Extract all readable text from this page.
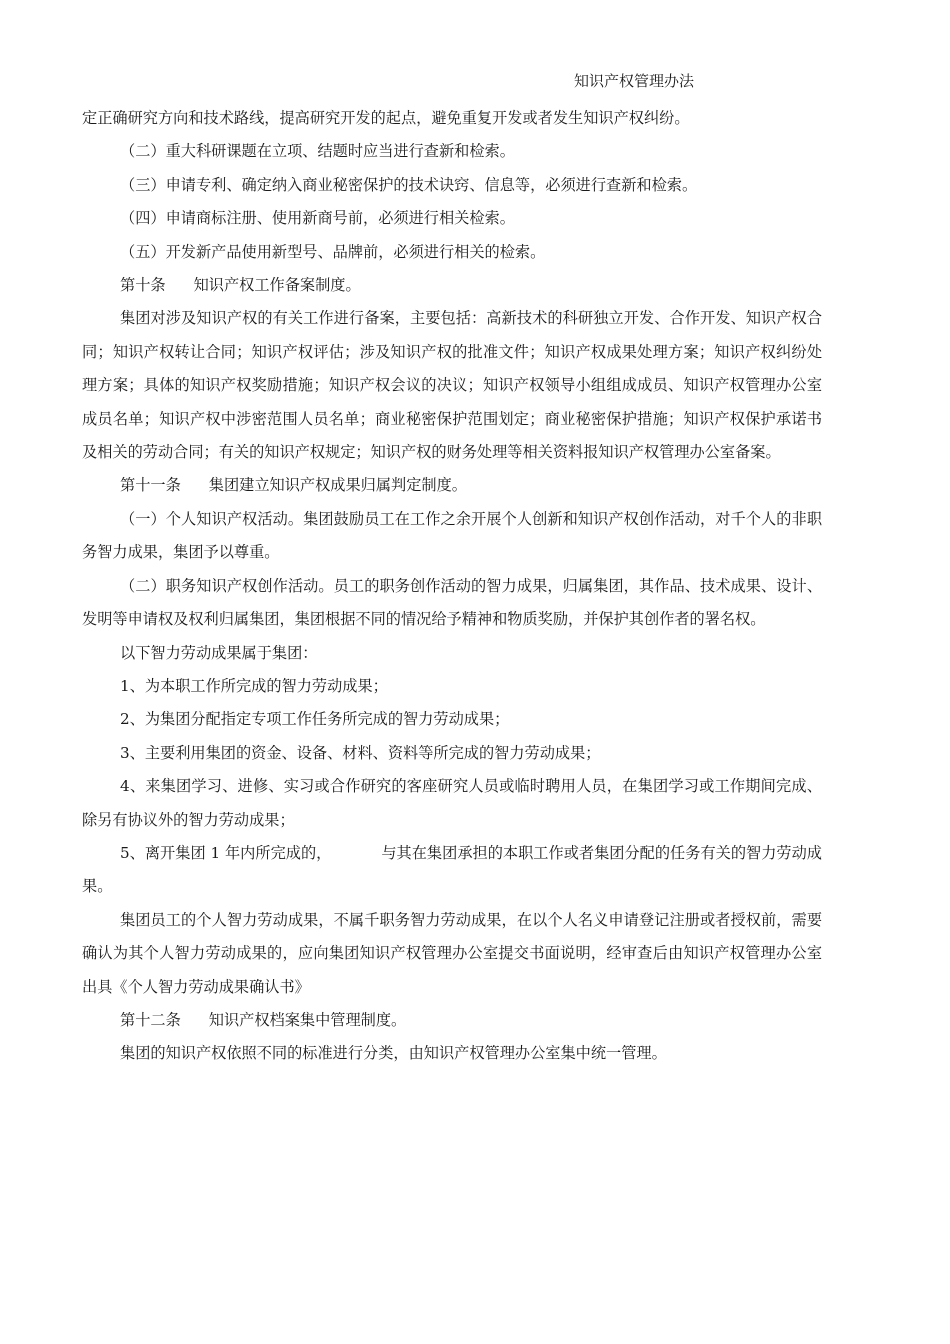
知识产权管理办法

定正确研究方向和技术路线，提高研究开发的起点，避免重复开发或者发生知识产权纠纷。

（二）重大科研课题在立项、结题时应当进行查新和检索。

（三）申请专利、确定纳入商业秘密保护的技术诀窍、信息等，必须进行查新和检索。

（四）申请商标注册、使用新商号前，必须进行相关检索。

（五）开发新产品使用新型号、品牌前，必须进行相关的检索。

第十条 知识产权工作备案制度。

集团对涉及知识产权的有关工作进行备案，主要包括：高新技术的科研独立开发、合作开发、知识产权合同；知识产权转让合同；知识产权评估；涉及知识产权的批准文件；知识产权成果处理方案；知识产权纠纷处理方案；具体的知识产权奖励措施；知识产权会议的决议；知识产权领导小组组成成员、知识产权管理办公室成员名单；知识产权中涉密范围人员名单；商业秘密保护范围划定；商业秘密保护措施；知识产权保护承诺书及相关的劳动合同；有关的知识产权规定；知识产权的财务处理等相关资料报知识产权管理办公室备案。

第十一条 集团建立知识产权成果归属判定制度。

（一）个人知识产权活动。集团鼓励员工在工作之余开展个人创新和知识产权创作活动，对千个人的非职务智力成果，集团予以尊重。

（二）职务知识产权创作活动。员工的职务创作活动的智力成果，归属集团，其作品、技术成果、设计、发明等申请权及权利归属集团，集团根据不同的情况给予精神和物质奖励，并保护其创作者的署名权。

以下智力劳动成果属于集团：

1、为本职工作所完成的智力劳动成果；

2、为集团分配指定专项工作任务所完成的智力劳动成果；

3、主要利用集团的资金、设备、材料、资料等所完成的智力劳动成果；

4、来集团学习、进修、实习或合作研究的客座研究人员或临时聘用人员，在集团学习或工作期间完成、除另有协议外的智力劳动成果；

5、离开集团 1 年内所完成的，	与其在集团承担的本职工作或者集团分配的任务有关的智力劳动成果。

集团员工的个人智力劳动成果，不属千职务智力劳动成果，在以个人名义申请登记注册或者授权前，需要确认为其个人智力劳动成果的，应向集团知识产权管理办公室提交书面说明，经审查后由知识产权管理办公室出具《个人智力劳动成果确认书》

第十二条 知识产权档案集中管理制度。

集团的知识产权依照不同的标准进行分类，由知识产权管理办公室集中统一管理。
